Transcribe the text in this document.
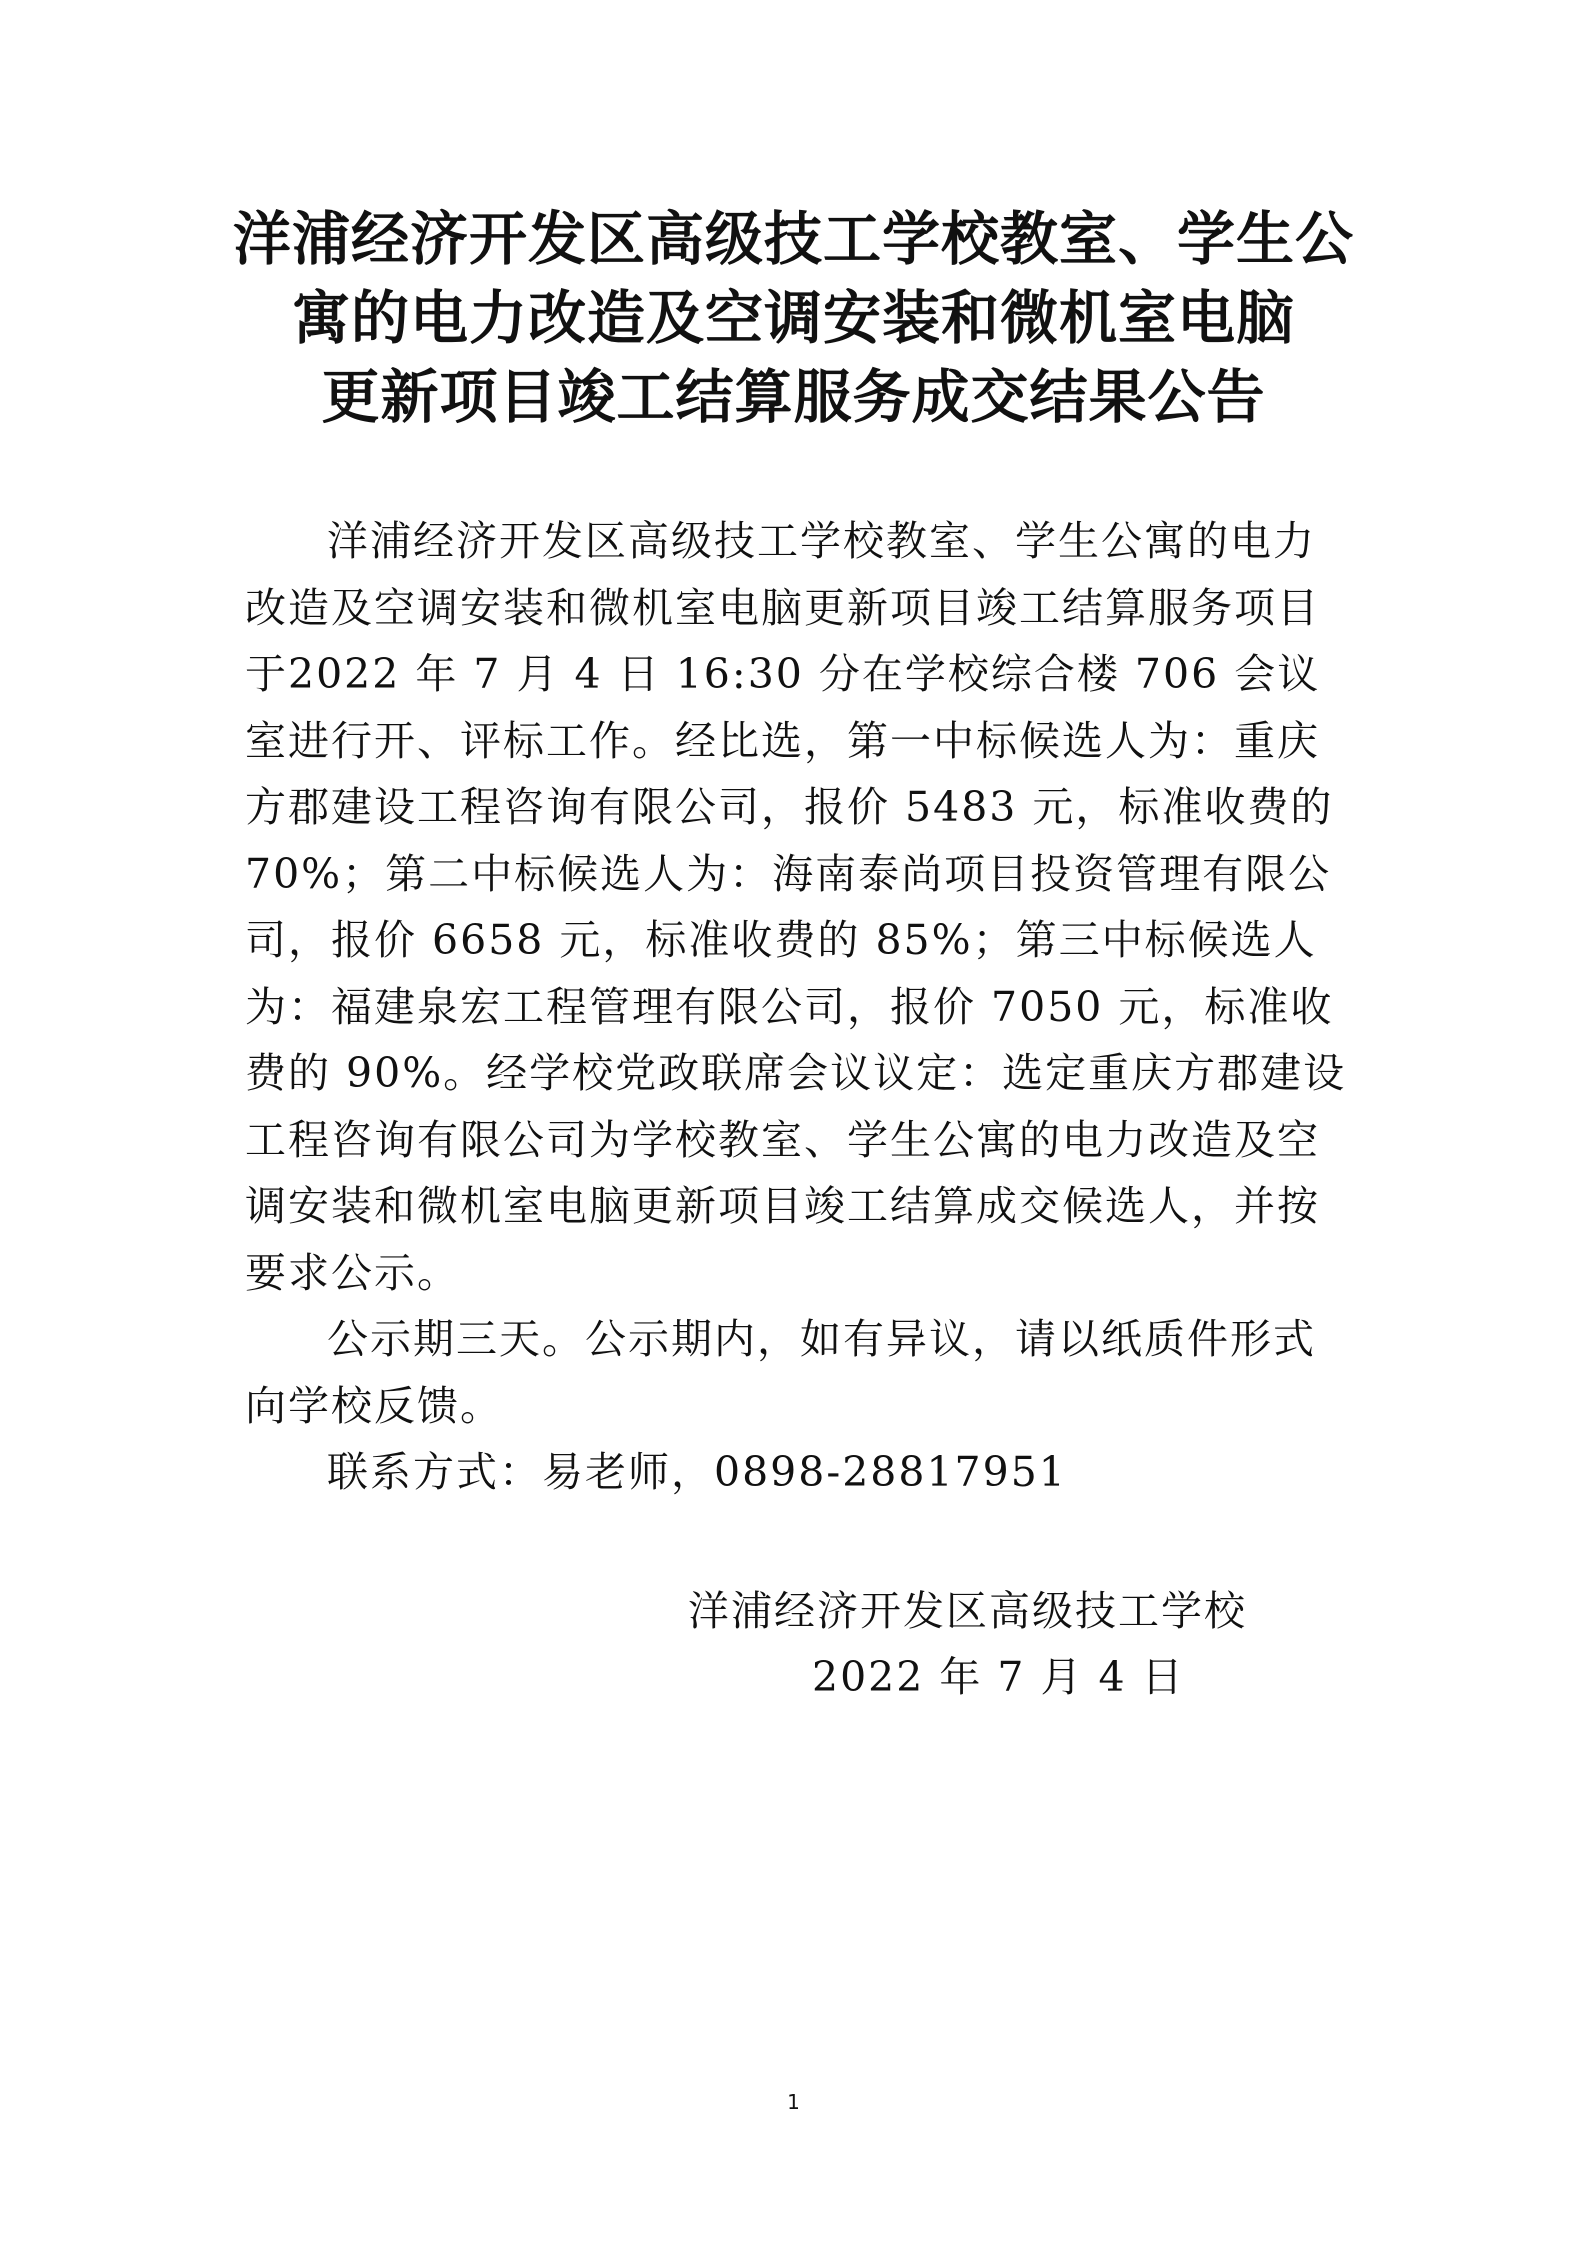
洋浦经济开发区高级技工学校教室、学生公
寓的电力改造及空调安装和微机室电脑
更新项目竣工结算服务成交结果公告

洋浦经济开发区高级技工学校教室、学生公寓的电力改造及空调安装和微机室电脑更新项目竣工结算服务项目于2022 年 7 月 4 日 16:30 分在学校综合楼 706 会议室进行开、评标工作。经比选，第一中标候选人为：重庆方郡建设工程咨询有限公司，报价 5483 元，标准收费的 70%；第二中标候选人为：海南泰尚项目投资管理有限公司，报价 6658 元，标准收费的 85%；第三中标候选人为：福建泉宏工程管理有限公司，报价 7050 元，标准收费的 90%。经学校党政联席会议议定：选定重庆方郡建设工程咨询有限公司为学校教室、学生公寓的电力改造及空调安装和微机室电脑更新项目竣工结算成交候选人，并按要求公示。

公示期三天。公示期内，如有异议，请以纸质件形式向学校反馈。

联系方式：易老师，0898-28817951

洋浦经济开发区高级技工学校
2022 年 7 月 4 日
1
